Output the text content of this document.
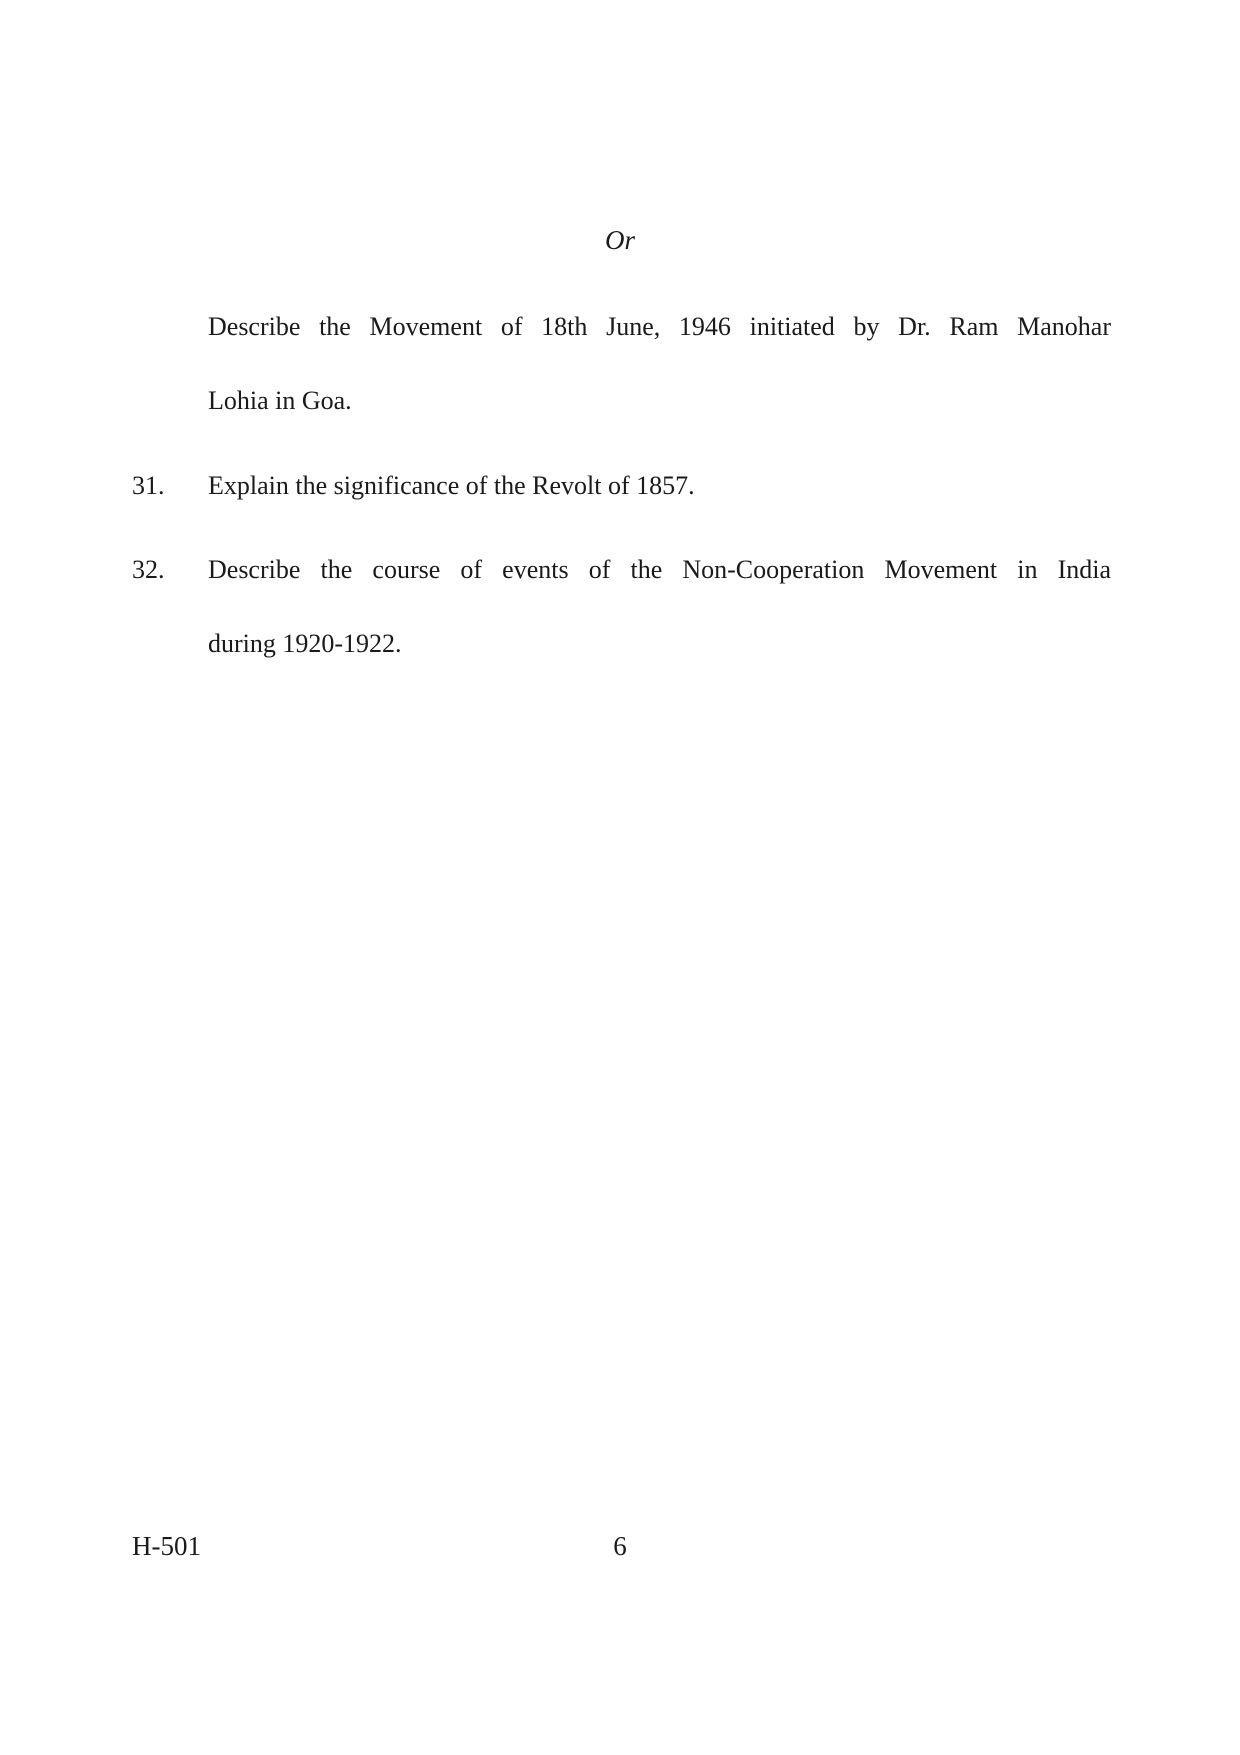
Or
Describe the Movement of 18th June, 1946 initiated by Dr. Ram Manohar
Lohia in Goa.
31. Explain the significance of the Revolt of 1857.
32. Describe the course of events of the Non-Cooperation Movement in India
during 1920-1922.
H-501	6
